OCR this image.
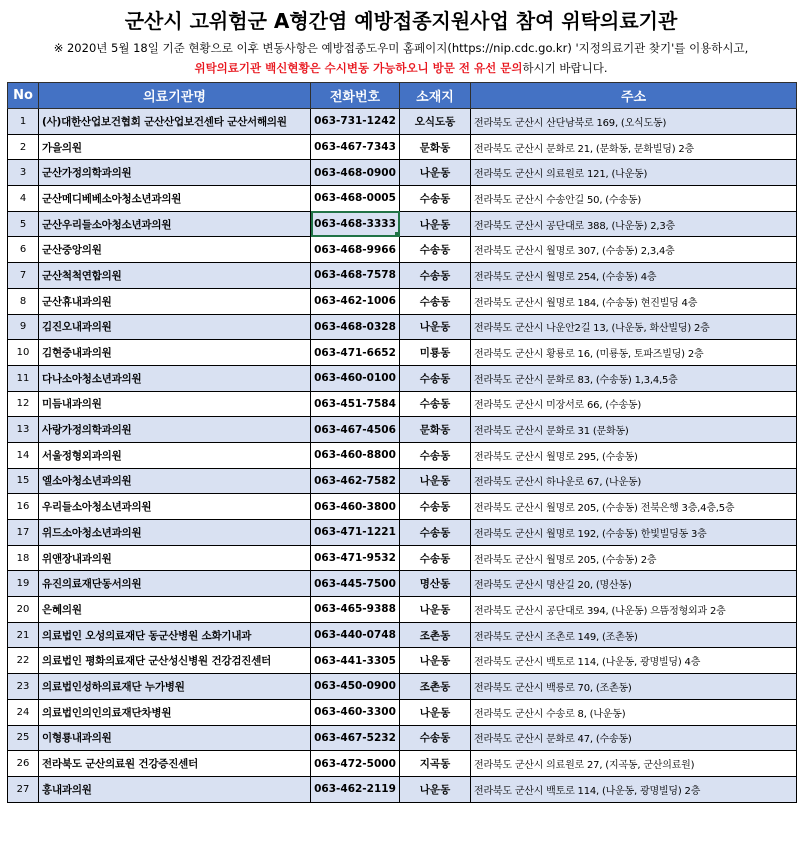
군산시 고위험군 A형간염 예방접종지원사업 참여 위탁의료기관
※ 2020년 5월 18일 기준 현황으로 이후 변동사항은 예방접종도우미 홈페이지(https://nip.cdc.go.kr) '지정의료기관 찾기'를 이용하시고,
위탁의료기관 백신현황은 수시변동 가능하오니 방문 전 유선 문의하시기 바랍니다.
No	의료기관명	전화번호	소재지	주소
1	(사)대한산업보건협회 군산산업보건센타 군산서해의원	063-731-1242	오식도동	전라북도 군산시 산단남북로 169, (오식도동)
2	가을의원	063-467-7343	문화동	전라북도 군산시 문화로 21, (문화동, 문화빌딩) 2층
3	군산가정의학과의원	063-468-0900	나운동	전라북도 군산시 의료원로 121, (나운동)
4	군산메디베베소아청소년과의원	063-468-0005	수송동	전라북도 군산시 수송안길 50, (수송동)
5	군산우리들소아청소년과의원	063-468-3333	나운동	전라북도 군산시 공단대로 388, (나운동) 2,3층
6	군산중앙의원	063-468-9966	수송동	전라북도 군산시 월명로 307, (수송동) 2,3,4층
7	군산척척연합의원	063-468-7578	수송동	전라북도 군산시 월명로 254, (수송동) 4층
8	군산휴내과의원	063-462-1006	수송동	전라북도 군산시 월명로 184, (수송동) 현진빌딩 4층
9	김진오내과의원	063-468-0328	나운동	전라북도 군산시 나운안2길 13, (나운동, 화산빌딩) 2층
10	김현중내과의원	063-471-6652	미룡동	전라북도 군산시 황룡로 16, (미룡동, 토파즈빌딩) 2층
11	다나소아청소년과의원	063-460-0100	수송동	전라북도 군산시 문화로 83, (수송동) 1,3,4,5층
12	미듬내과의원	063-451-7584	수송동	전라북도 군산시 미장서로 66, (수송동)
13	사랑가정의학과의원	063-467-4506	문화동	전라북도 군산시 문화로 31 (문화동)
14	서울정형외과의원	063-460-8800	수송동	전라북도 군산시 월명로 295, (수송동)
15	엘소아청소년과의원	063-462-7582	나운동	전라북도 군산시 하나운로 67, (나운동)
16	우리들소아청소년과의원	063-460-3800	수송동	전라북도 군산시 월명로 205, (수송동) 전북은행 3층,4층,5층
17	위드소아청소년과의원	063-471-1221	수송동	전라북도 군산시 월명로 192, (수송동) 한빛빌딩동 3층
18	위앤장내과의원	063-471-9532	수송동	전라북도 군산시 월명로 205, (수송동) 2층
19	유진의료재단동서의원	063-445-7500	명산동	전라북도 군산시 명산길 20, (명산동)
20	은혜의원	063-465-9388	나운동	전라북도 군산시 공단대로 394, (나운동) 으뜸정형외과 2층
21	의료법인 오성의료재단 동군산병원 소화기내과	063-440-0748	조촌동	전라북도 군산시 조촌로 149, (조촌동)
22	의료법인 평화의료재단 군산성신병원 건강검진센터	063-441-3305	나운동	전라북도 군산시 백토로 114, (나운동, 광명빌딩) 4층
23	의료법인성하의료재단 누가병원	063-450-0900	조촌동	전라북도 군산시 백릉로 70, (조촌동)
24	의료법인의인의료재단차병원	063-460-3300	나운동	전라북도 군산시 수송로 8, (나운동)
25	이형룡내과의원	063-467-5232	수송동	전라북도 군산시 문화로 47, (수송동)
26	전라북도 군산의료원 건강증진센터	063-472-5000	지곡동	전라북도 군산시 의료원로 27, (지곡동, 군산의료원)
27	홍내과의원	063-462-2119	나운동	전라북도 군산시 백토로 114, (나운동, 광명빌딩) 2층
